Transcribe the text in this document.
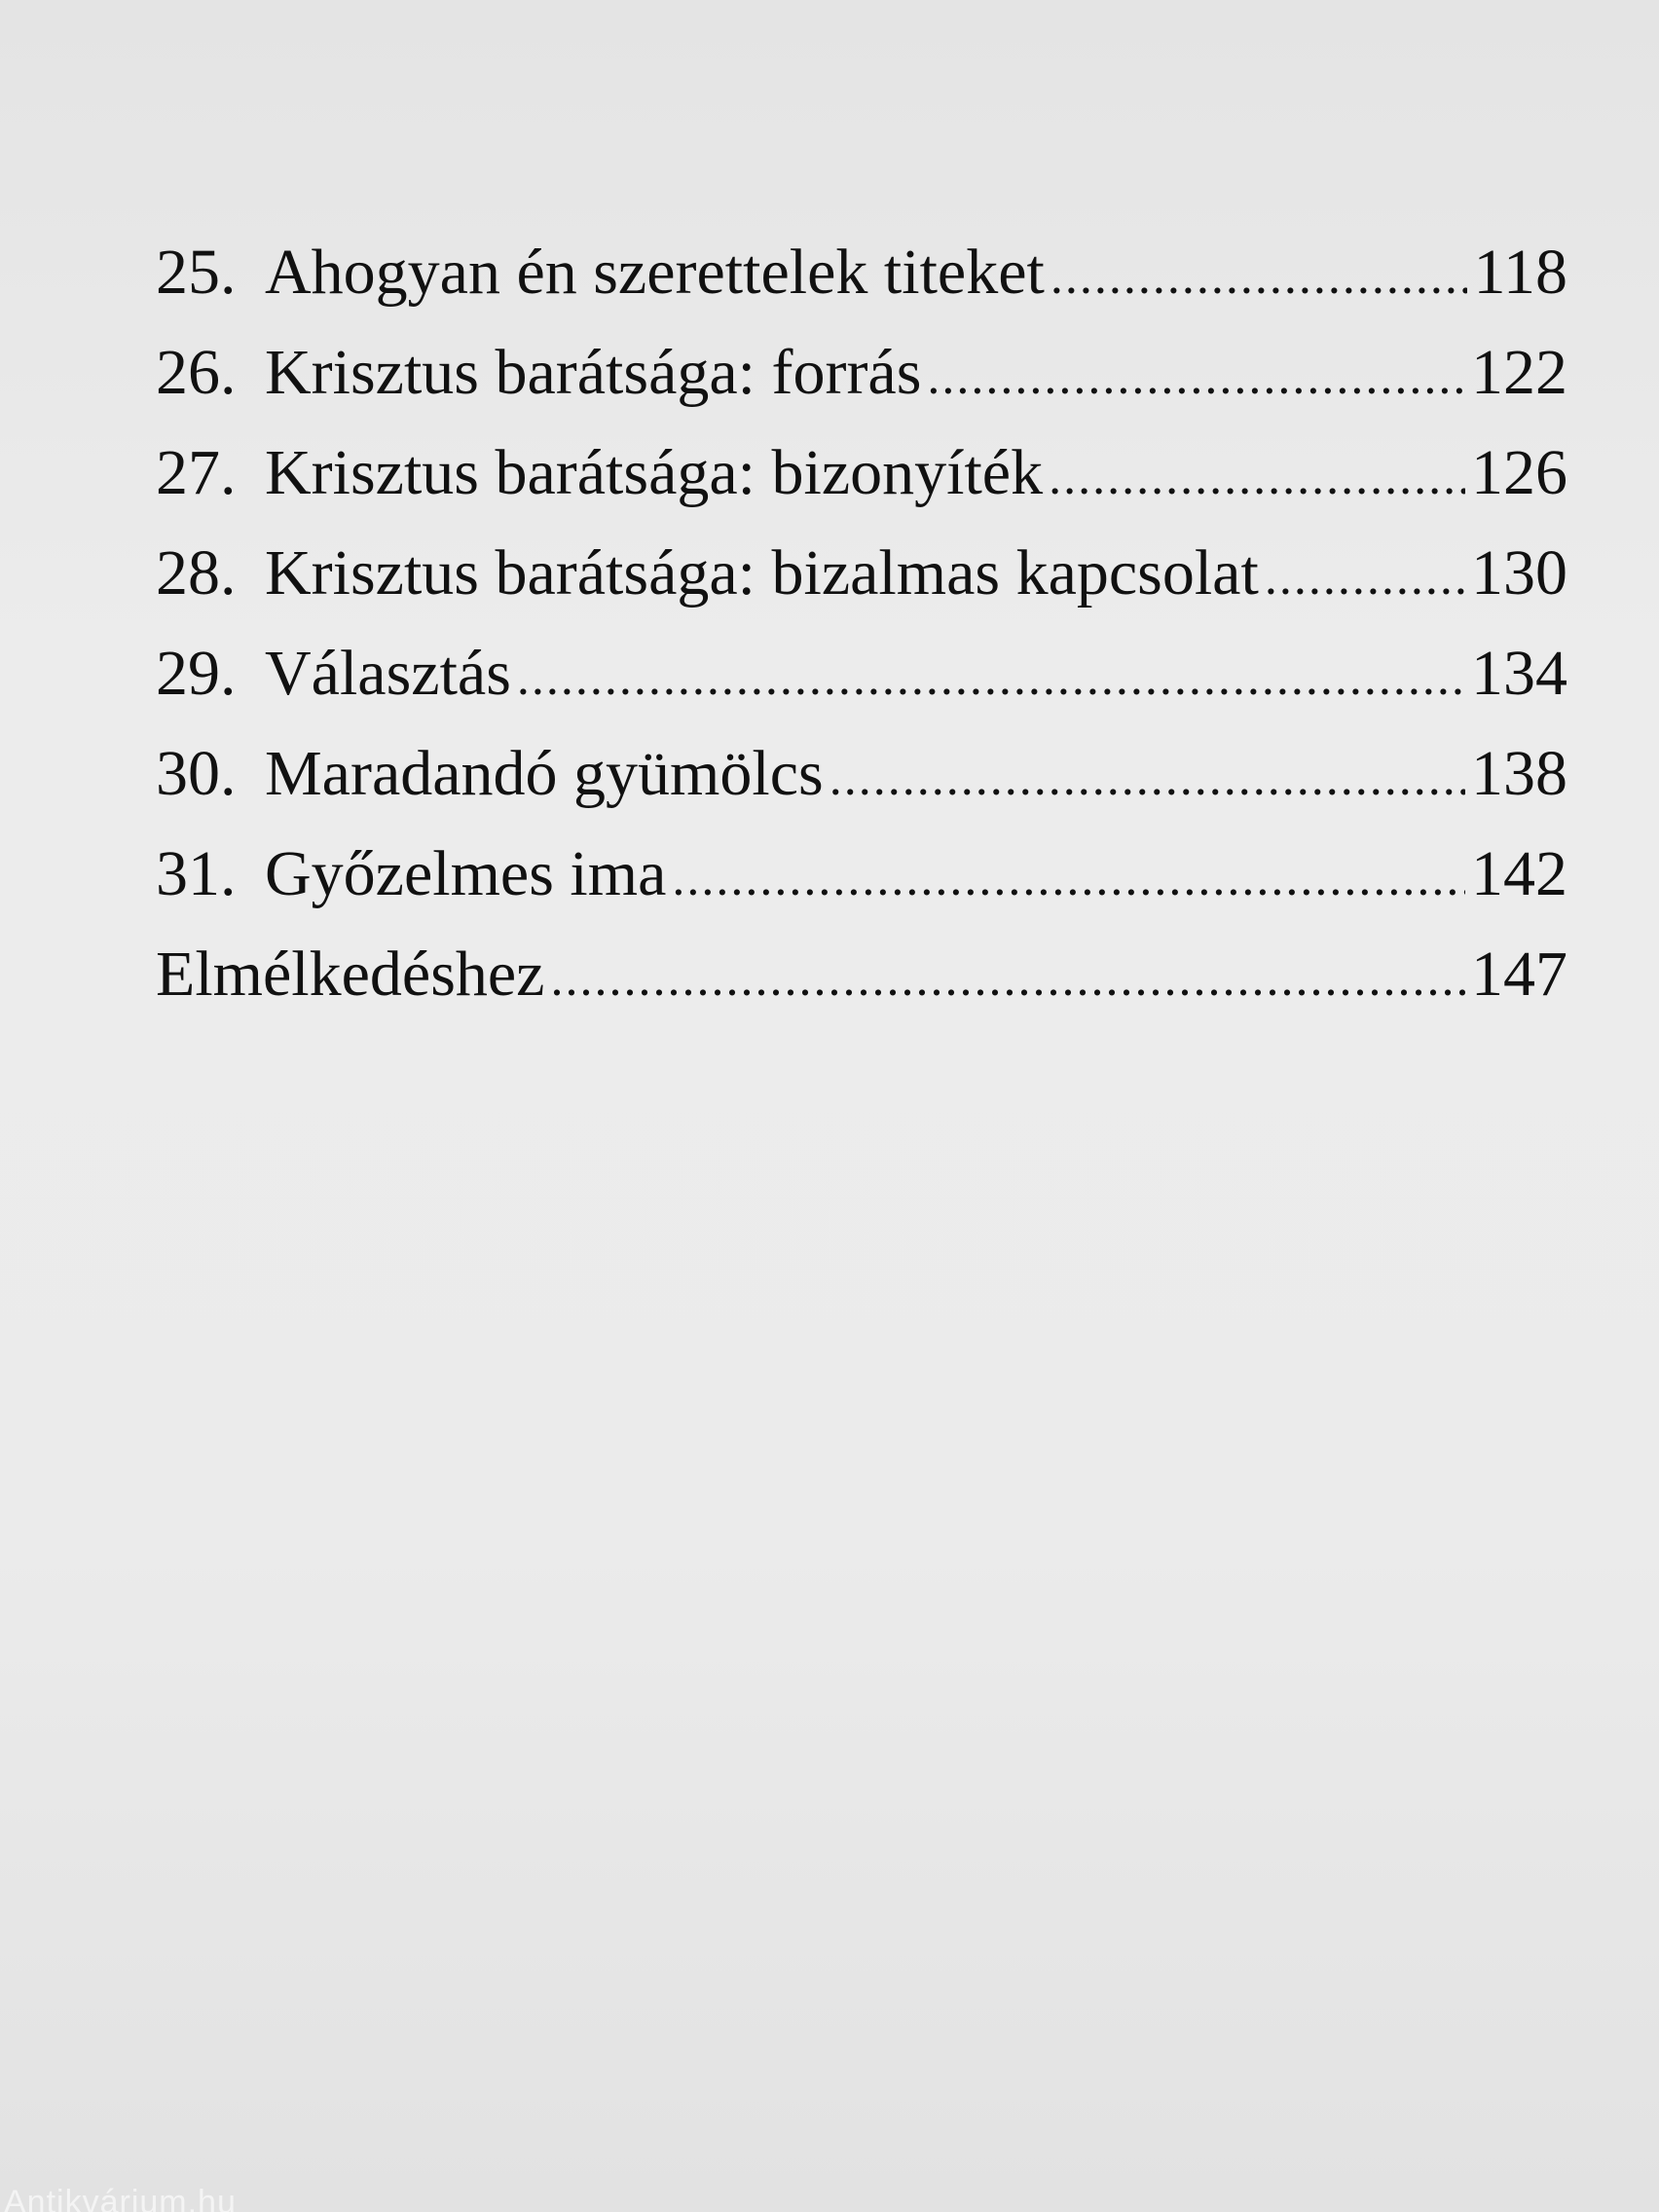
25. Ahogyan én szerettelek titeket .....	118
26. Krisztus barátsága: forrás .....	122
27. Krisztus barátsága: bizonyíték .....	126
28. Krisztus barátsága: bizalmas kapcsolat .....	130
29. Választás .....	134
30. Maradandó gyümölcs .....	138
31. Győzelmes ima .....	142
Elmélkedéshez .....	147
Antikvárium.hu
